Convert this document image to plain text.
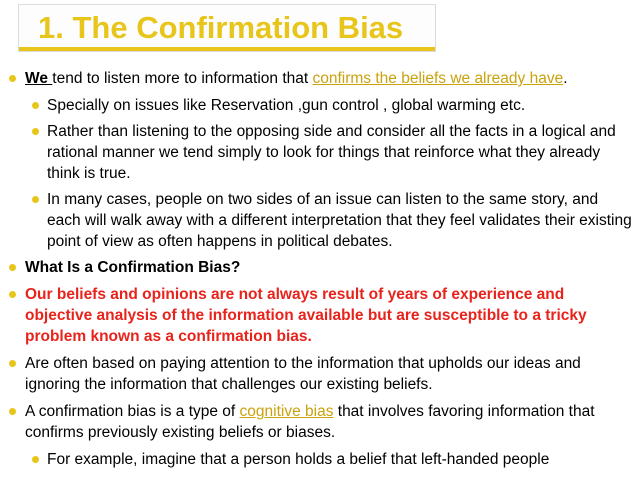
1. The Confirmation Bias
We tend to listen more to information that confirms the beliefs we already have.
Specially on issues like Reservation ,gun control , global warming etc.
Rather than listening to the opposing side and consider all the facts in a logical and rational manner we tend simply to look for things that reinforce what they already think is true.
In many cases, people on two sides of an issue can listen to the same story, and each will walk away with a different interpretation that they feel validates their existing point of view as often happens in political debates.
What Is a Confirmation Bias?
Our beliefs and opinions are not always result of years of experience and objective analysis of the information available but are susceptible to a tricky problem known as a confirmation bias.
Are often based on paying attention to the information that upholds our ideas and ignoring the information that challenges our existing beliefs.
A confirmation bias is a type of cognitive bias that involves favoring information that confirms previously existing beliefs or biases.
For example, imagine that a person holds a belief that left-handed people
